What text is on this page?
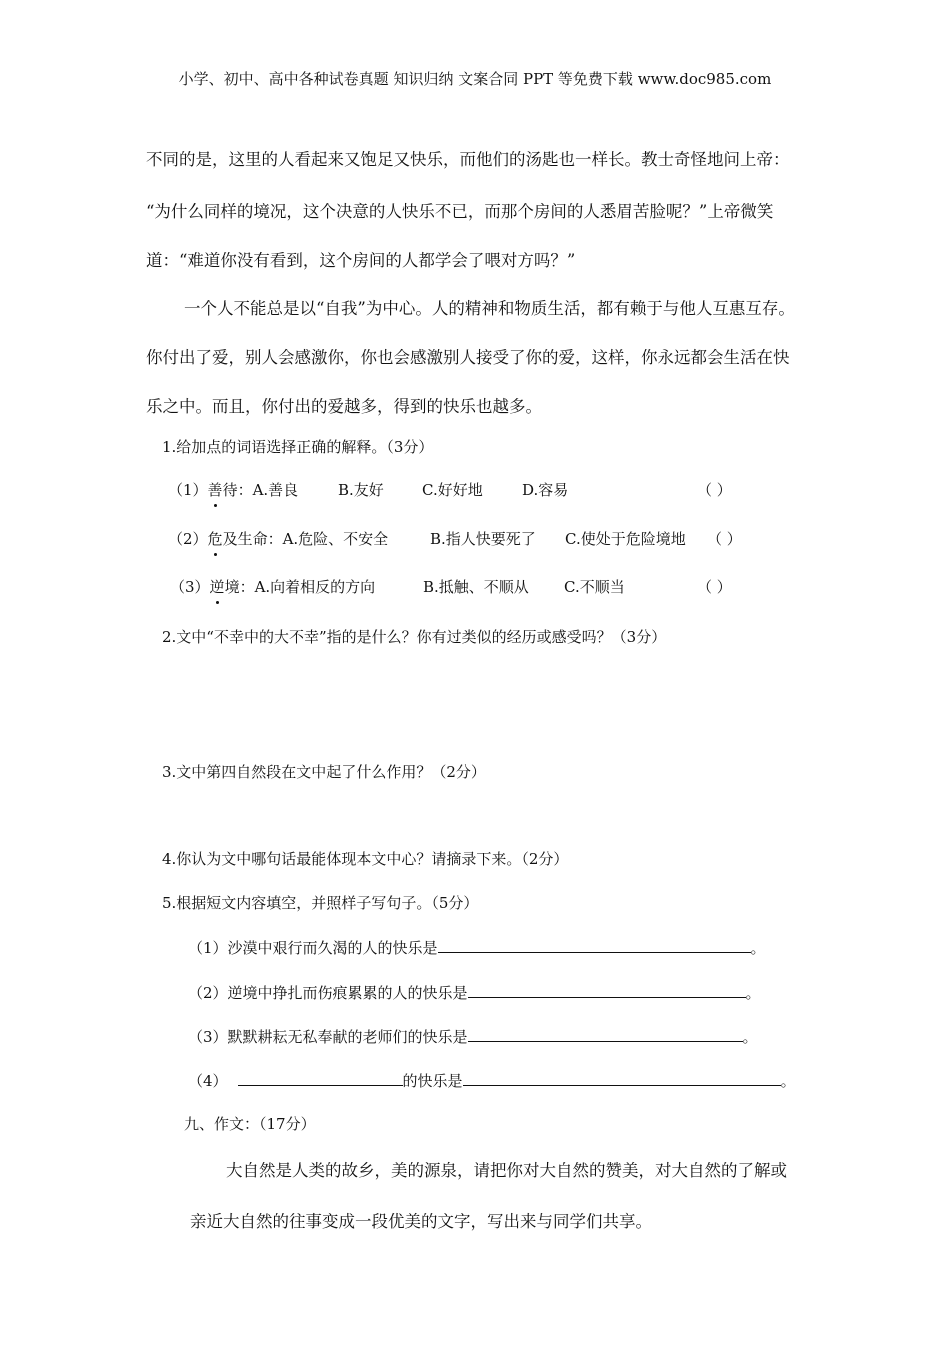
小学、初中、高中各种试卷真题 知识归纳 文案合同 PPT 等免费下载 www.doc985.com
不同的是，这里的人看起来又饱足又快乐，而他们的汤匙也一样长。教士奇怪地问上帝：
“为什么同样的境况，这个决意的人快乐不已，而那个房间的人悉眉苦脸呢？”上帝微笑
道：“难道你没有看到，这个房间的人都学会了喂对方吗？”
一个人不能总是以“自我”为中心。人的精神和物质生活，都有赖于与他人互惠互存。
你付出了爱，别人会感激你，你也会感激别人接受了你的爱，这样，你永远都会生活在快
乐之中。而且，你付出的爱越多，得到的快乐也越多。
1.给加点的词语选择正确的解释。（3分）
（1）善待：A.善良	B.友好	C.好好地	D.容易	（ ）
（2）危及生命：A.危险、不安全	B.指人快要死了 C.使处于危险境地 （ ）
（3）逆境：A.向着相反的方向	B.抵触、不顺从 C.不顺当	（ ）
2.文中“不幸中的大不幸”指的是什么？你有过类似的经历或感受吗？（3分）
3.文中第四自然段在文中起了什么作用？（2分）
4.你认为文中哪句话最能体现本文中心？请摘录下来。（2分）
5.根据短文内容填空，并照样子写句子。（5分）
（1）沙漠中艰行而久渴的人的快乐是	。
（2）逆境中挣扎而伤痕累累的人的快乐是	。
（3）默默耕耘无私奉献的老师们的快乐是	。
（4）	的快乐是	。
九、作文：（17分）
大自然是人类的故乡，美的源泉，请把你对大自然的赞美，对大自然的了解或
亲近大自然的往事变成一段优美的文字，写出来与同学们共享。
